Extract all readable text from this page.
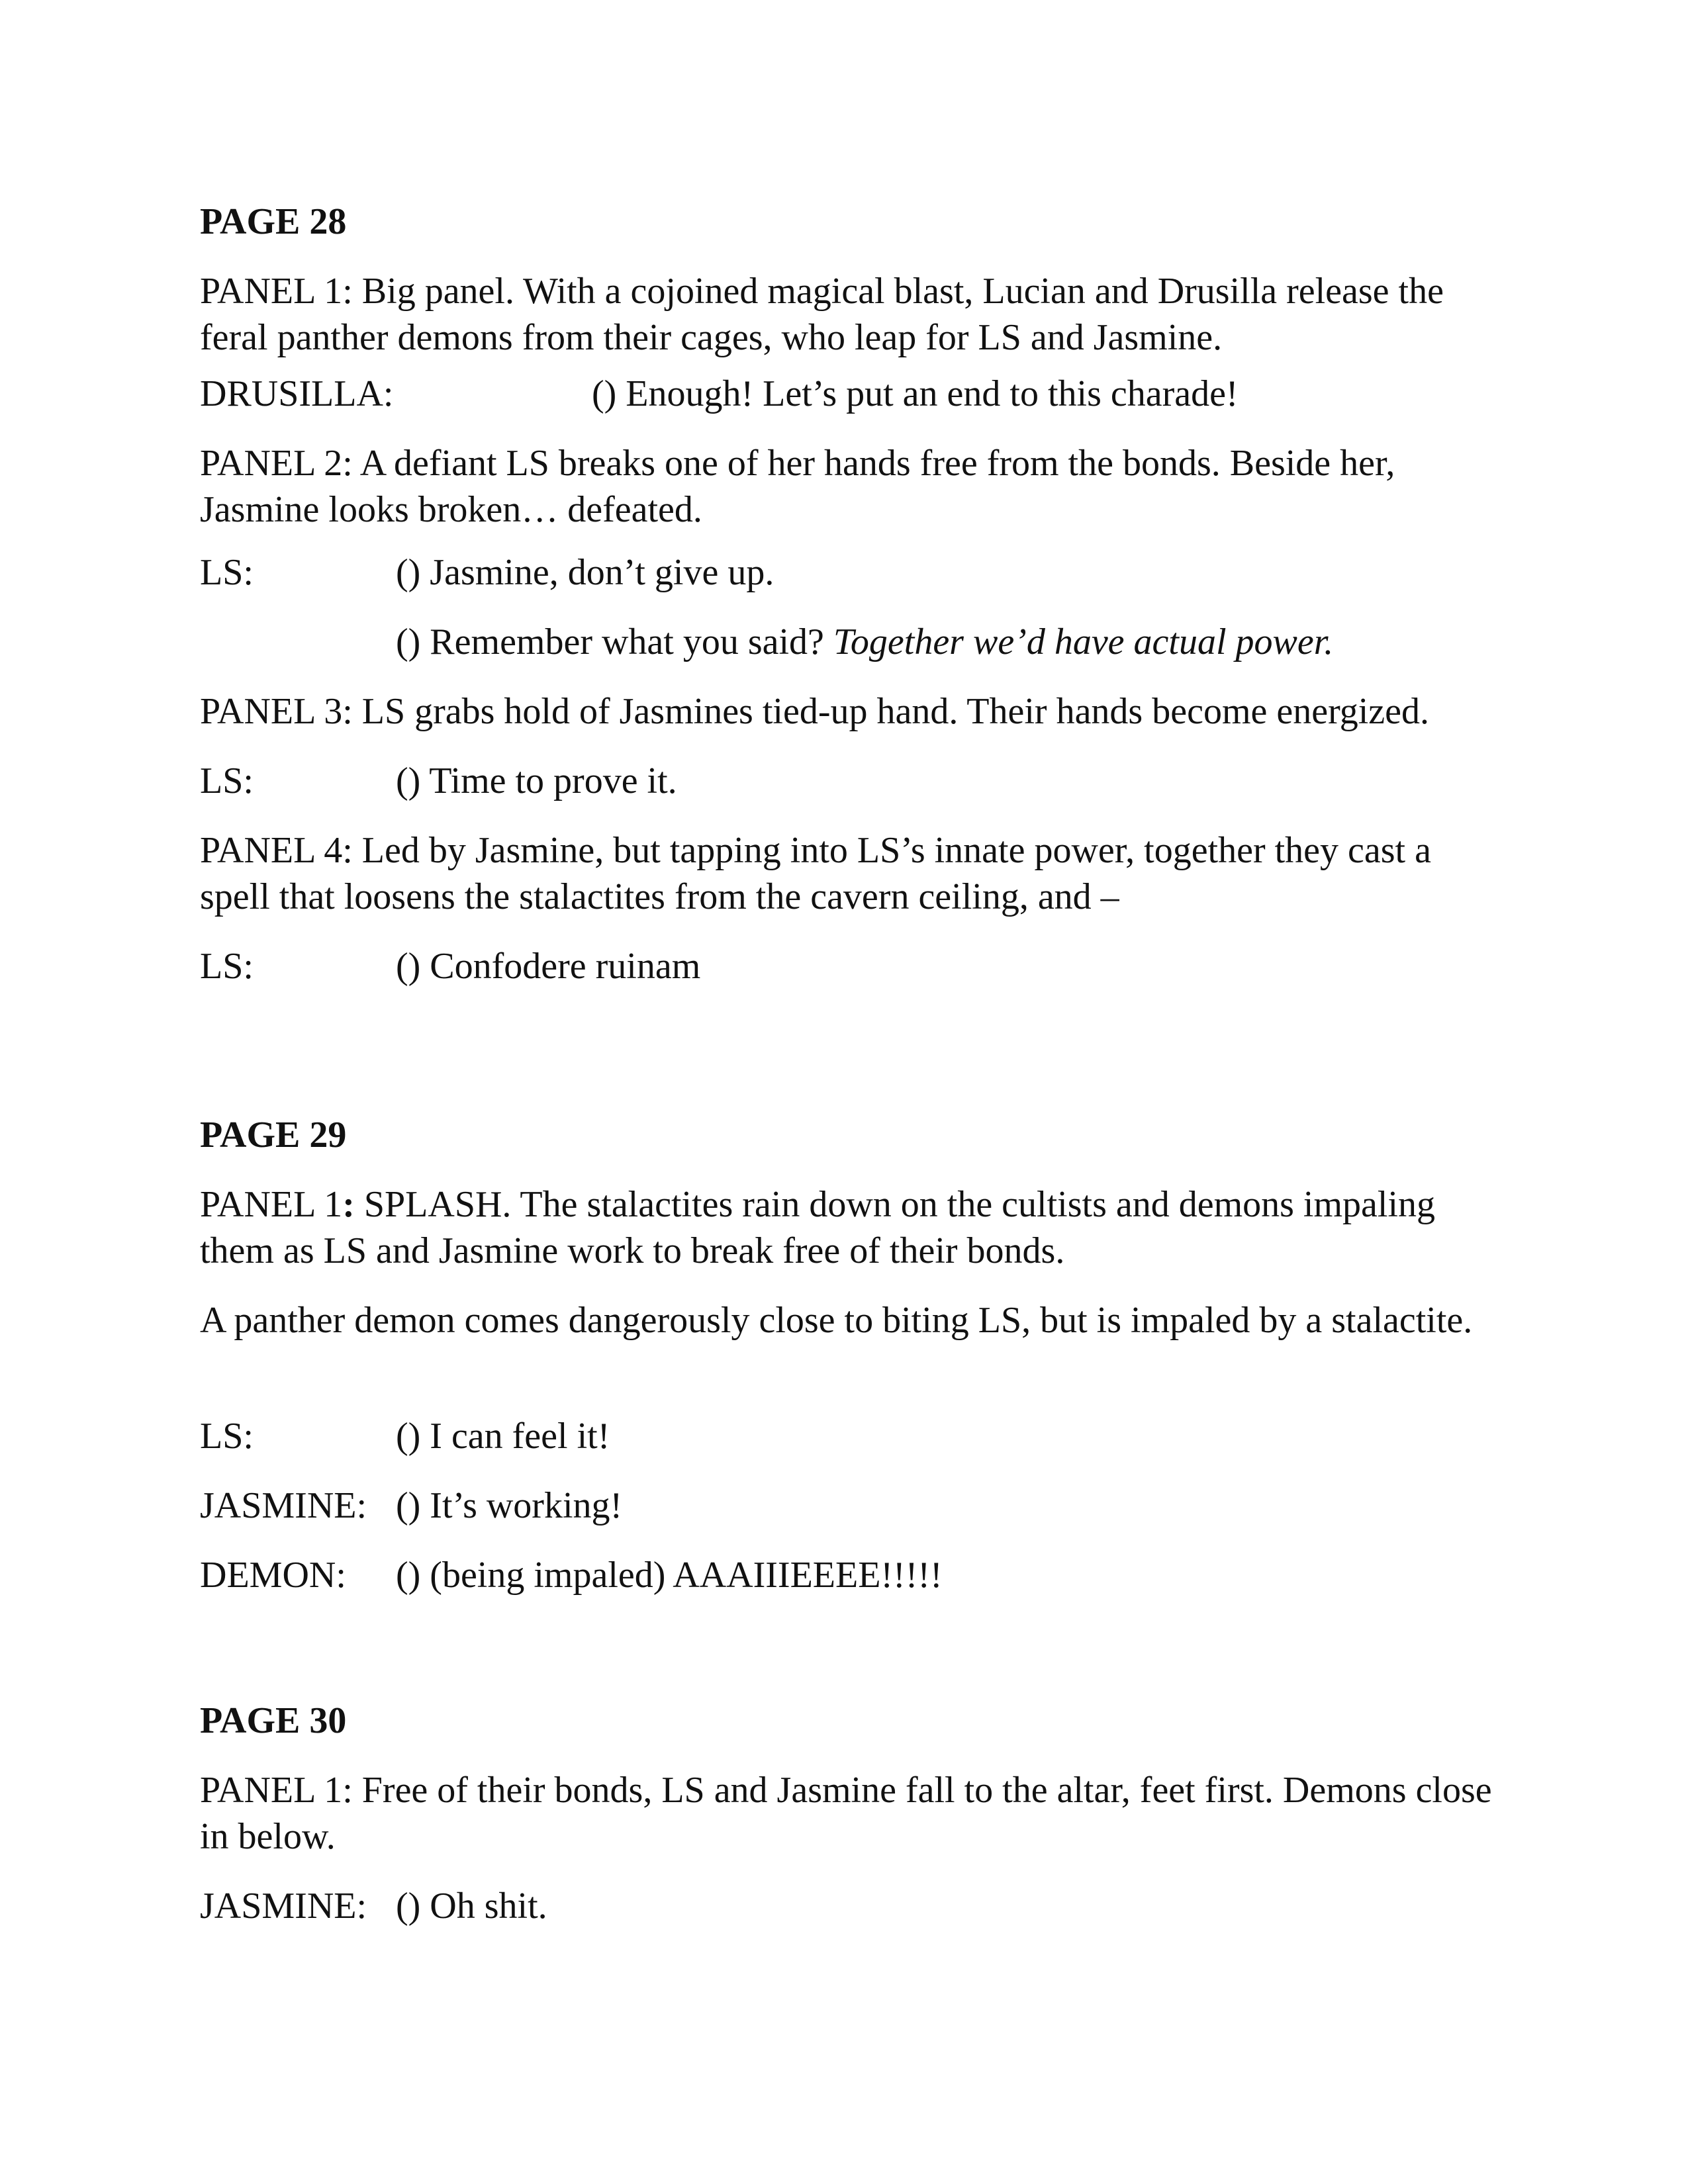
PAGE 28
PANEL 1: Big panel. With a cojoined magical blast, Lucian and Drusilla release the feral panther demons from their cages, who leap for LS and Jasmine.
DRUSILLA:	() Enough! Let’s put an end to this charade!
PANEL 2: A defiant LS breaks one of her hands free from the bonds. Beside her, Jasmine looks broken… defeated.
LS:	() Jasmine, don’t give up.
() Remember what you said? Together we’d have actual power.
PANEL 3: LS grabs hold of Jasmines tied-up hand. Their hands become energized.
LS:	() Time to prove it.
PANEL 4: Led by Jasmine, but tapping into LS’s innate power, together they cast a spell that loosens the stalactites from the cavern ceiling, and –
LS:	() Confodere ruinam
PAGE 29
PANEL 1: SPLASH. The stalactites rain down on the cultists and demons impaling them as LS and Jasmine work to break free of their bonds.
A panther demon comes dangerously close to biting LS, but is impaled by a stalactite.
LS:	() I can feel it!
JASMINE: () It’s working!
DEMON: () (being impaled) AAAIIIEEEE!!!!!
PAGE 30
PANEL 1: Free of their bonds, LS and Jasmine fall to the altar, feet first. Demons close in below.
JASMINE: () Oh shit.
